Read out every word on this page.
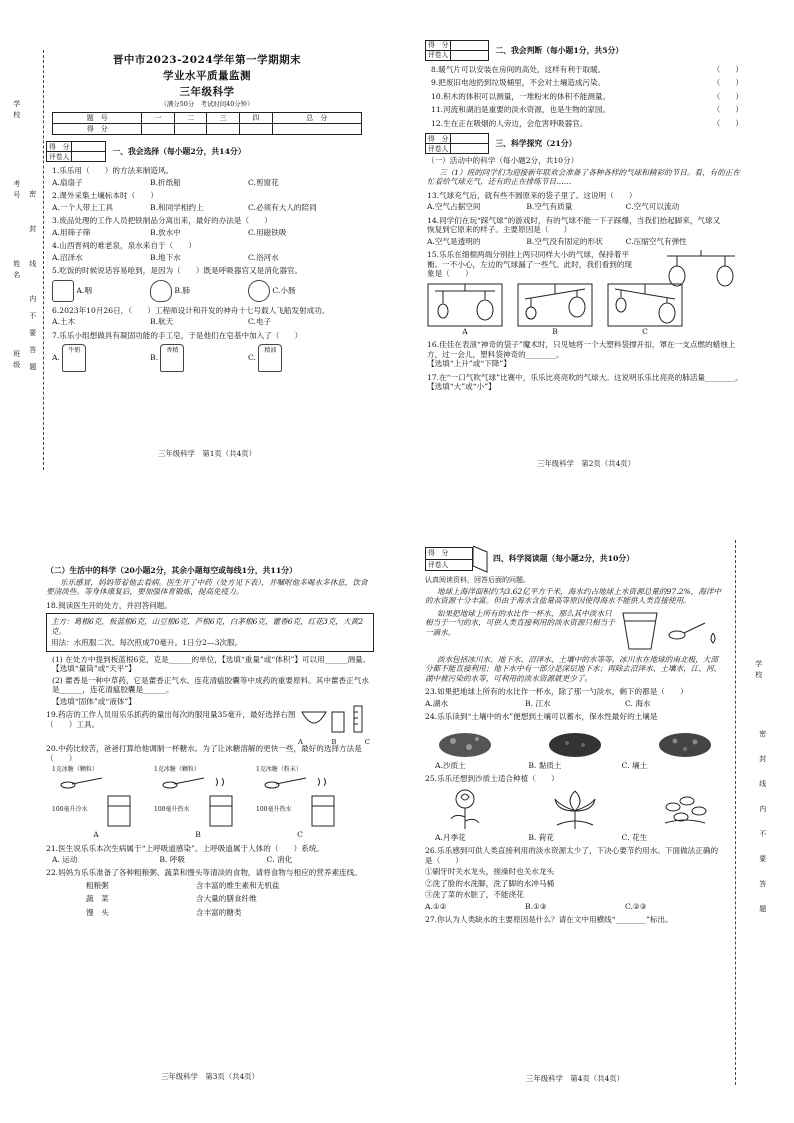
学校
考号
姓名
班级
密
封
线
内
不
要
答
题
学校
密
封
线
内
不
要
答
题
晋中市2023-2024学年第一学期期末
学业水平质量监测
三年级科学
（满分50分　考试时间40分钟）
题　号	一	二	三	四	总　分
得　分					
得　分	
评卷人	
一、我会选择（每小题2分，共14分）
1.乐乐用（　　）的方法来制造风。
A.扇扇子	B.折纸船	C.剪窗花
2.课外采集土壤标本时（　　）
A.一个人带上工具	B.和同学相约上	C.必须有大人的陪同
3.废品处理的工作人员把铁制品分离出来，最好的办法是（　　）
A.用筛子筛	B.放水中	C.用磁铁吸
4.山西晋祠的难老泉，泉水来自于（　　）
A.沼泽水	B.地下水	C.浴河水
5.吃饭的时候说话容易呛到，是因为（　　）既是呼吸器官又是消化器官。
A.咽	B.肺	C.小肠
6.2023年10月26日，（　　）工程师设计和开发的神舟十七号载人飞船发射成功。
A.土木	B.航天	C.电子
7.乐乐小组想做具有凝固功能的手工皂，于是他们在皂基中加入了（　　）
A. 牛奶
B. 香精
C. 精油
三年级科学　第1页（共4页）
得　分	
评卷人	
二、我会判断（每小题1分，共5分）
8.暖气片可以安装在房间的高处，这样有利于取暖。	（　　）
9.把废旧电池扔到垃圾桶里，不会对土壤造成污染。	（　　）
10.积木的体积可以测量，一堆粉末的体积不能测量。	（　　）
11.河流和湖泊是重要的淡水资源，也是生物的家园。	（　　）
12.生在正在吸烟的人旁边，会危害呼吸器官。	（　　）
得　分	
评卷人	
三、科学探究（21分）
（一）活动中的科学（每小题2分，共10分）
三（1）班的同学们为迎接新年联欢会准备了各种各样的气球和精彩的节目。看，有的正在忙着给气球充气，还有的正在排练节目……
13.气球充气后，就有些不圆原来的袋子里了。这说明（　　）
A.空气占据空间	B.空气有质量	C.空气可以流动
14.同学们在玩“踩气球”的游戏时，有的气球不能一下子踩爆，当我们抬起脚来，气球又恢复到它原来的样子。主要原因是（　　）
A.空气是透明的	B.空气没有固定的形状	C.压缩空气有弹性
15.乐乐在细棍两端分别挂上两只同样大小的气球，保持着平衡。一不小心，左边的气球漏了一些气。此时，我们看到的现象是（　　）
A	B	C
16.佳佳在表演“神奇的袋子”魔术时，只见她将一个大塑料袋撑开扣，罩在一支点燃的蜡烛上方，过一会儿，塑料袋神奇的________。
【选填“上升”或“下降”】
17.在“一口气吹气球”比赛中，乐乐比亮亮吹的气球大。这说明乐乐比亮亮的肺活量________。【选填“大”或“小”】
三年级科学　第2页（共4页）
（二）生活中的科学（20小题2分，其余小题每空或每线1分，共11分）
乐乐感冒，妈妈带着他去看病。医生开了中药（处方见下表），并嘱咐他多喝水多休息，饮食要清淡些。等身体康复后，要加强体育锻炼，提高免疫力。
18.阅读医生开的处方，并回答问题。
主方：葛根6克，板蓝根6克，山豆根6克，芦根6克，白茅根6克，藿香6克，红花3克，大黄2克。
用法：水煎服二次。每次煎成70毫升。1日分2—3次服。
(1) 在处方中提到板蓝根6克，克是______的单位，【选填“重量”或“体积”】可以用______测量。【选填“量筒”或“天平”】
(2) 藿香是一种中草药，它是藿香正气水、连花清瘟胶囊等中成药的重要原料。其中藿香正气水是______，连花清瘟胶囊是______。
【选填“固体”或“液体”】
19.药店的工作人员用乐乐抓药的量出每次的服用量35毫升，最好选择右图（　　）工具。
A	B	C
20.中药比较苦，爸爸打算给他调制一杯糖水。为了让冰糖溶解的更快一些，最好的选择方法是（　　）
1克冰糖（颗粒）
100毫升冷水
1克冰糖（颗粒）
100毫升热水
1克冰糖（粉末）
100毫升热水
A	B	C
21.医生说乐乐本次生病属于“上呼吸道感染”。上呼吸道属于人体的（　　）系统。
A. 运动	B. 呼吸	C. 消化
22.妈妈为乐乐准备了各种粗粮粥、蔬菜和馒头等清淡的食物，请将食物与相应的营养素连线。
粗粮粥
蔬　菜
馒　头
含丰富的维生素和无机盐
含大量的膳食纤维
含丰富的糖类
三年级科学　第3页（共4页）
得　分
评卷人
四、科学阅读题（每小题2分，共10分）
认真阅读资料，回答后面的问题。
地球上海洋面积约为3.62亿平方千米，海水约占地球上水资源总量的97.2%，海洋中的水资源十分丰富。但由于海水含盐量高等原因使得海水不能供人类直接使用。
如果把地球上所有的水比作一杯水，那么其中淡水只相当于一勺的水，可供人类直接利用的淡水资源只相当于一滴水。
淡水包括冰川水、地下水、沼泽水、土壤中的水等等。冰川水在地球的南北极，大部分都不能直接利用；地下水中有一部分是深层地下水；再除去沼泽水、土壤水，江、河、湖中被污染的水等，可利用的淡水资源就更少了。
23.如果把地球上所有的水比作一杯水，除了那一勺淡水，剩下的都是（　　）
A.湖水	B. 江水	C. 海水
24.乐乐读到“土壤中的水”便想到土壤可以蓄水，保水性最好的土壤是
A.沙质土	B. 黏质土	C. 壤土
25.乐乐还想到沙质土适合种植（　　）
A.月季花	B. 荷花	C. 花生
26.乐乐感到可供人类直接利用的淡水资源太少了，下决心要节约用水。下面做法正确的是（　　）
①刷牙时关水龙头，搓澡时也关水龙头
②洗了脸的水洗脚，洗了脚的水冲马桶
③洗了菜的水脏了，不能浇花
A.①②	B.①③	C.②③
27.你认为人类缺水的主要原因是什么？请在文中用横线“________”标出。
三年级科学　第4页（共4页）
